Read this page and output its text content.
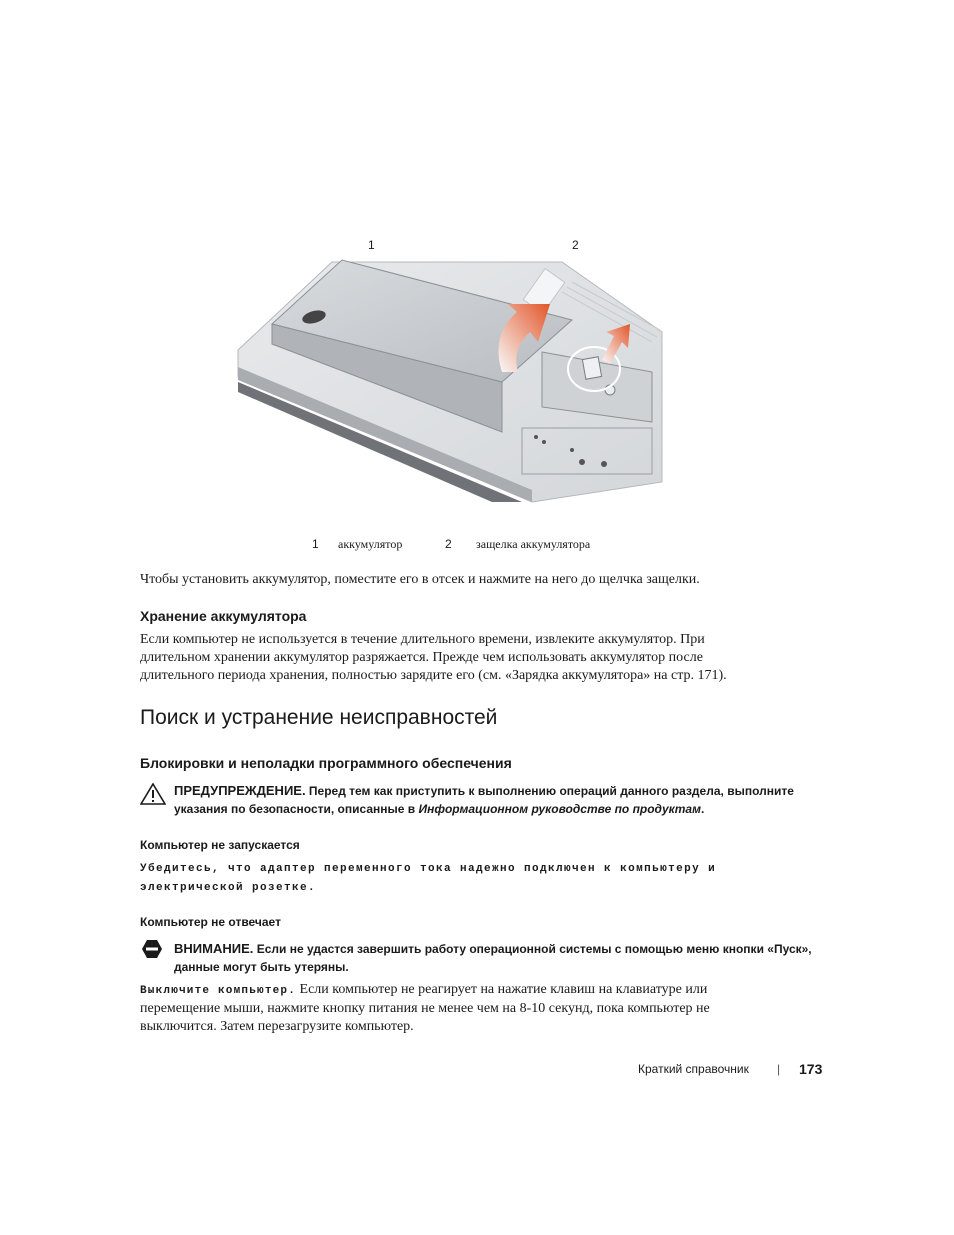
1	2
1 аккумулятор	2 защелка аккумулятора
Чтобы установить аккумулятор, поместите его в отсек и нажмите на него до щелчка защелки.
Хранение аккумулятора
Если компьютер не используется в течение длительного времени, извлеките аккумулятор. При
длительном хранении аккумулятор разряжается. Прежде чем использовать аккумулятор после
длительного периода хранения, полностью зарядите его (см. «Зарядка аккумулятора» на стр. 171).
Поиск и устранение неисправностей
Блокировки и неполадки программного обеспечения
ПРЕДУПРЕЖДЕНИЕ. Перед тем как приступить к выполнению операций данного раздела, выполните
указания по безопасности, описанные в Информационном руководстве по продуктам.
Компьютер не запускается
Убедитесь, что адаптер переменного тока надежно подключен к компьютеру и
электрической розетке.
Компьютер не отвечает
ВНИМАНИЕ. Если не удастся завершить работу операционной системы с помощью меню кнопки «Пуск»,
данные могут быть утеряны.
Выключите компьютер. Если компьютер не реагирует на нажатие клавиш на клавиатуре или
перемещение мыши, нажмите кнопку питания не менее чем на 8-10 секунд, пока компьютер не
выключится. Затем перезагрузите компьютер.
Краткий справочник | 173
